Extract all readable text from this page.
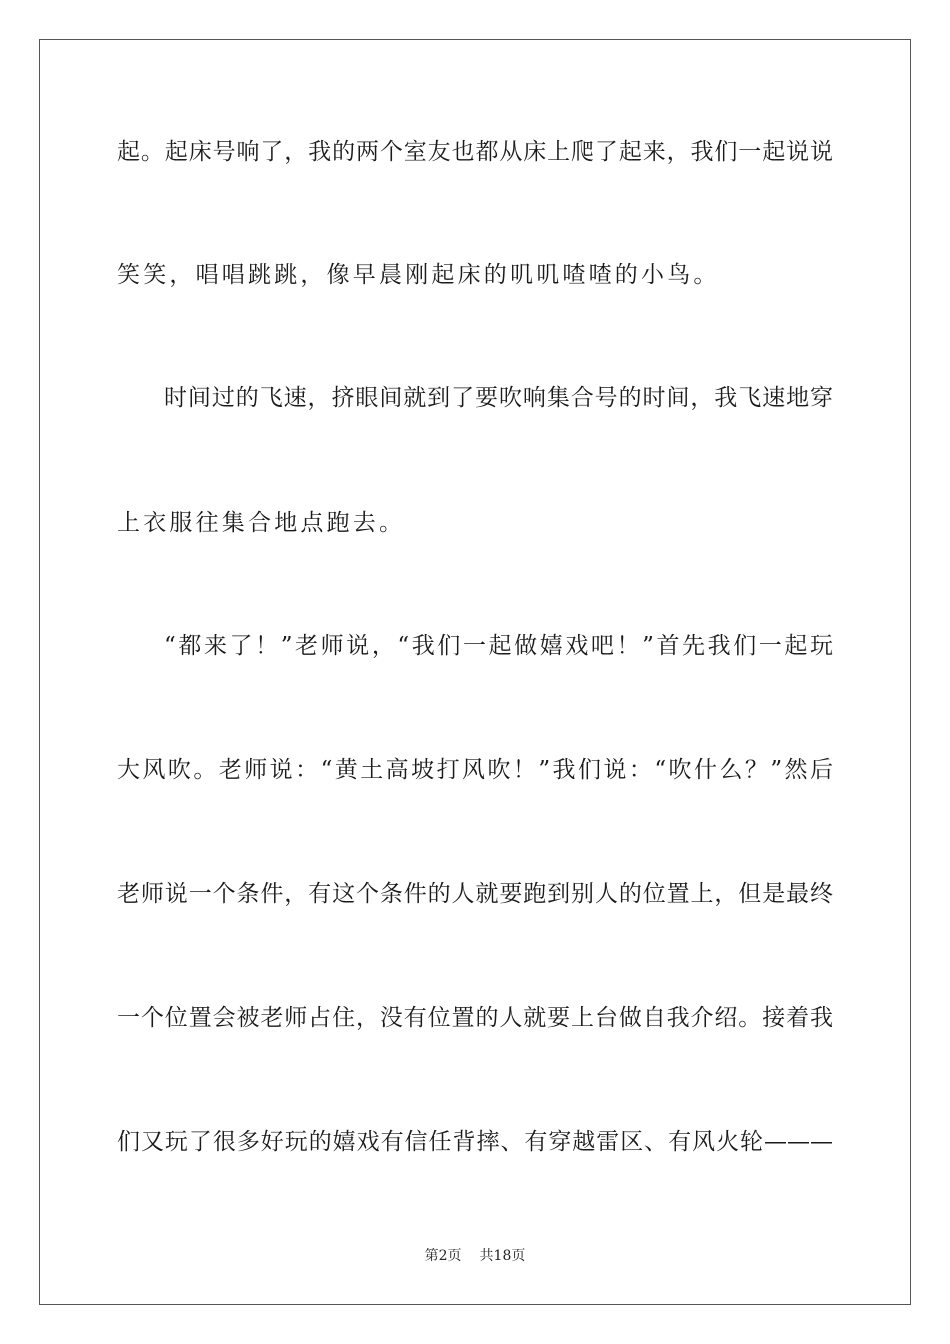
起。起床号响了，我的两个室友也都从床上爬了起来，我们一起说说
笑笑，唱唱跳跳，像早晨刚起床的叽叽喳喳的小鸟。
时间过的飞速，挤眼间就到了要吹响集合号的时间，我飞速地穿
上衣服往集合地点跑去。
“都来了！”老师说，“我们一起做嬉戏吧！”首先我们一起玩
大风吹。老师说：“黄土高坡打风吹！”我们说：“吹什么？”然后
老师说一个条件，有这个条件的人就要跑到别人的位置上，但是最终
一个位置会被老师占住，没有位置的人就要上台做自我介绍。接着我
们又玩了很多好玩的嬉戏有信任背摔、有穿越雷区、有风火轮———
第2页 共18页
